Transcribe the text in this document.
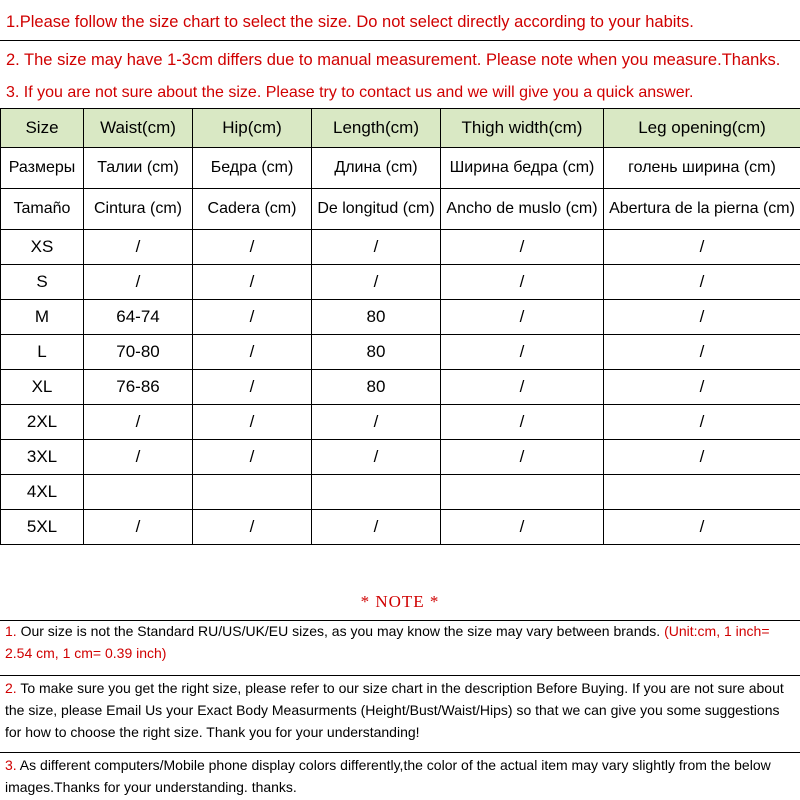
1.Please follow the size chart to select the size. Do not select directly according to your habits.
2. The size may have 1-3cm differs due to manual measurement. Please note when you measure.Thanks.
3. If you are not sure about the size. Please try to contact us and we will give you a quick answer.
Size	Waist(cm)	Hip(cm)	Length(cm)	Thigh width(cm)	Leg opening(cm)
Размеры	Талии (cm)	Бедра (cm)	Длина (cm)	Ширина бедра (cm)	голень ширина (cm)
Tamaño	Cintura (cm)	Cadera (cm)	De longitud (cm)	Ancho de muslo (cm)	Abertura de la pierna (cm)
XS	/	/	/	/	/
S	/	/	/	/	/
M	64-74	/	80	/	/
L	70-80	/	80	/	/
XL	76-86	/	80	/	/
2XL	/	/	/	/	/
3XL	/	/	/	/	/
4XL					
5XL	/	/	/	/	/
* NOTE *
1. Our size is not the Standard RU/US/UK/EU sizes, as you may know the size may vary between brands. (Unit:cm, 1 inch= 2.54 cm, 1 cm= 0.39 inch)
2. To make sure you get the right size, please refer to our size chart in the description Before Buying. If you are not sure about the size, please Email Us your Exact Body Measurments (Height/Bust/Waist/Hips) so that we can give you some suggestions for how to choose the right size. Thank you for your understanding!
3. As different computers/Mobile phone display colors differently,the color of the actual item may vary slightly from the below images.Thanks for your understanding. thanks.
